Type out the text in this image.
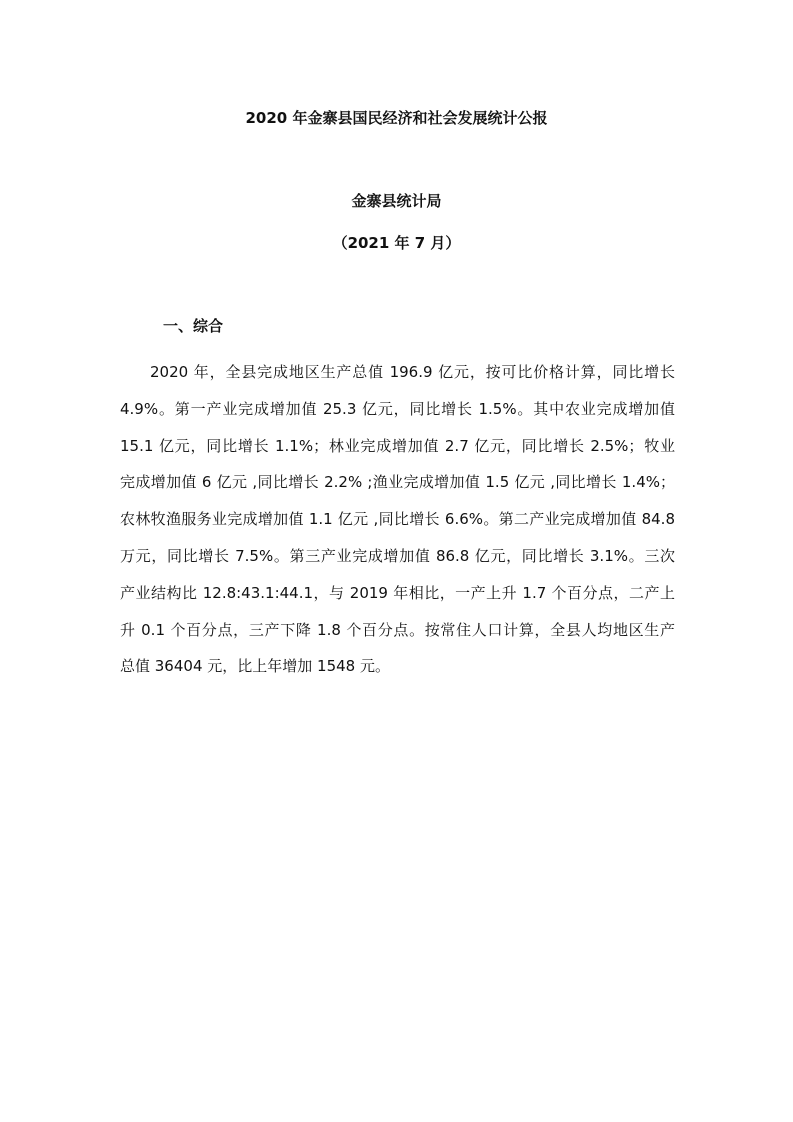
2020 年金寨县国民经济和社会发展统计公报
金寨县统计局
（2021 年 7 月）
一、综合

2020 年，全县完成地区生产总值 196.9 亿元，按可比价格计算，同比增长
4.9%。第一产业完成增加值 25.3 亿元，同比增长 1.5%。其中农业完成增加值
15.1 亿元，同比增长 1.1%；林业完成增加值 2.7 亿元，同比增长 2.5%；牧业
完成增加值 6 亿元 ,同比增长 2.2% ;渔业完成增加值 1.5 亿元 ,同比增长 1.4%；
农林牧渔服务业完成增加值 1.1 亿元 ,同比增长 6.6%。第二产业完成增加值 84.8
万元，同比增长 7.5%。第三产业完成增加值 86.8 亿元，同比增长 3.1%。三次
产业结构比 12.8:43.1:44.1，与 2019 年相比，一产上升 1.7 个百分点，二产上
升 0.1 个百分点，三产下降 1.8 个百分点。按常住人口计算，全县人均地区生产
总值 36404 元，比上年增加 1548 元。
